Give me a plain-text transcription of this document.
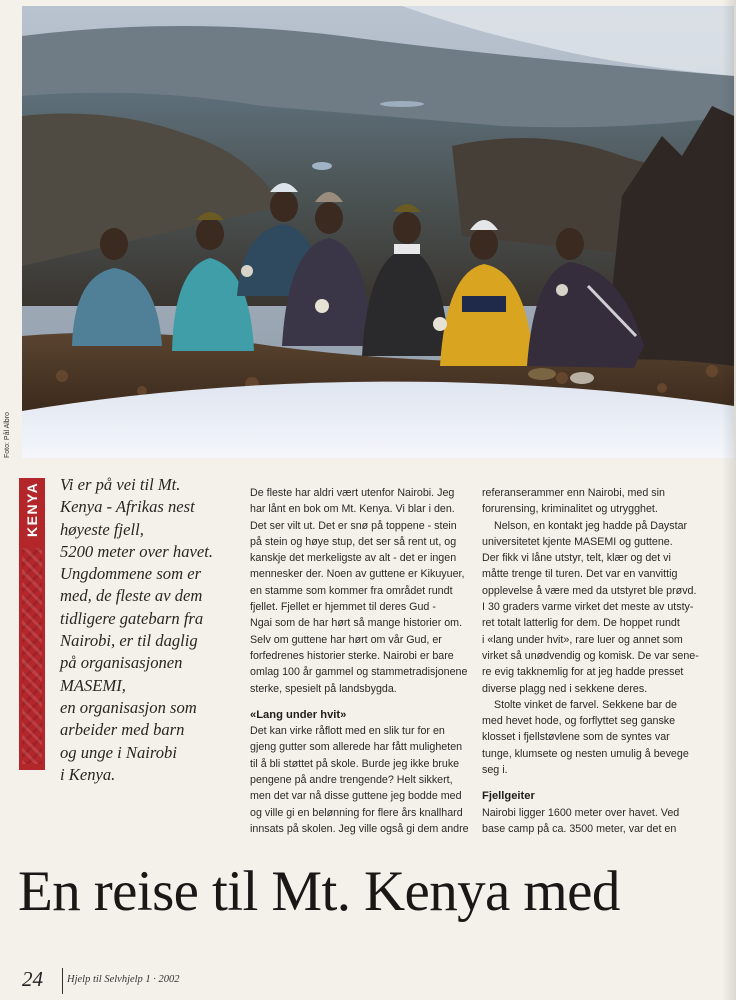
Foto: Pål Albro
KENYA	Vi er på vei til Mt.
Kenya - Afrikas nest
høyeste fjell,
5200 meter over havet.
Ungdommene som er
med, de fleste av dem
tidligere gatebarn fra
Nairobi, er til daglig
på organisasjonen
MASEMI,
en organisasjon som
arbeider med barn
og unge i Nairobi
i Kenya.
De fleste har aldri vært utenfor Nairobi. Jeg
har lånt en bok om Mt. Kenya. Vi blar i den.
Det ser vilt ut. Det er snø på toppene - stein
på stein og høye stup, det ser så rent ut, og
kanskje det merkeligste av alt - det er ingen
mennesker der. Noen av guttene er Kikuyuer,
en stamme som kommer fra området rundt
fjellet. Fjellet er hjemmet til deres Gud -
Ngai som de har hørt så mange historier om.
Selv om guttene har hørt om vår Gud, er
forfedrenes historier sterke. Nairobi er bare
omlag 100 år gammel og stammetradisjonene
sterke, spesielt på landsbygda.
«Lang under hvit»
Det kan virke råflott med en slik tur for en
gjeng gutter som allerede har fått muligheten
til å bli støttet på skole. Burde jeg ikke bruke
pengene på andre trengende? Helt sikkert,
men det var nå disse guttene jeg bodde med
og ville gi en belønning for flere års knallhard
innsats på skolen. Jeg ville også gi dem andre
referanserammer enn Nairobi, med sin
forurensing, kriminalitet og utrygghet.
Nelson, en kontakt jeg hadde på Daystar
universitetet kjente MASEMI og guttene.
Der fikk vi låne utstyr, telt, klær og det vi
måtte trenge til turen. Det var en vanvittig
opplevelse å være med da utstyret ble prøvd.
I 30 graders varme virket det meste av utsty-
ret totalt latterlig for dem. De hoppet rundt
i «lang under hvit», rare luer og annet som
virket så unødvendig og komisk. De var sene-
re evig takknemlig for at jeg hadde presset
diverse plagg ned i sekkene deres.
Stolte vinket de farvel. Sekkene bar de
med hevet hode, og forflyttet seg ganske
klosset i fjellstøvlene som de syntes var
tunge, klumsete og nesten umulig å bevege
seg i.
Fjellgeiter
Nairobi ligger 1600 meter over havet. Ved
base camp på ca. 3500 meter, var det en
En reise til Mt. Kenya med
24 Hjelp til Selvhjelp 1 · 2002
